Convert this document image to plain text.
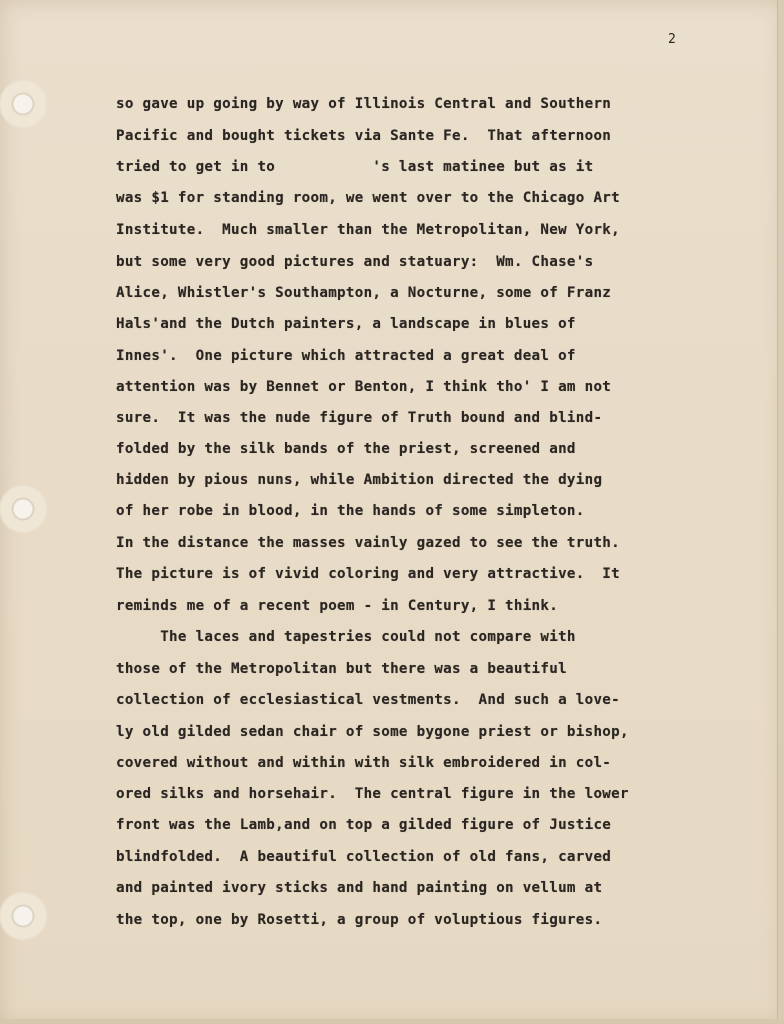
2
so gave up going by way of Illinois Central and Southern
Pacific and bought tickets via Sante Fe.  That afternoon
tried to get in to           's last matinee but as it
was $1 for standing room, we went over to the Chicago Art
Institute.  Much smaller than the Metropolitan, New York,
but some very good pictures and statuary:  Wm. Chase's
Alice, Whistler's Southampton, a Nocturne, some of Franz
Hals'and the Dutch painters, a landscape in blues of
Innes'.  One picture which attracted a great deal of
attention was by Bennet or Benton, I think tho' I am not
sure.  It was the nude figure of Truth bound and blind-
folded by the silk bands of the priest, screened and
hidden by pious nuns, while Ambition directed the dying
of her robe in blood, in the hands of some simpleton.
In the distance the masses vainly gazed to see the truth.
The picture is of vivid coloring and very attractive.  It
reminds me of a recent poem - in Century, I think.
The laces and tapestries could not compare with
those of the Metropolitan but there was a beautiful
collection of ecclesiastical vestments.  And such a love-
ly old gilded sedan chair of some bygone priest or bishop,
covered without and within with silk embroidered in col-
ored silks and horsehair.  The central figure in the lower
front was the Lamb,and on top a gilded figure of Justice
blindfolded.  A beautiful collection of old fans, carved
and painted ivory sticks and hand painting on vellum at
the top, one by Rosetti, a group of voluptious figures.
